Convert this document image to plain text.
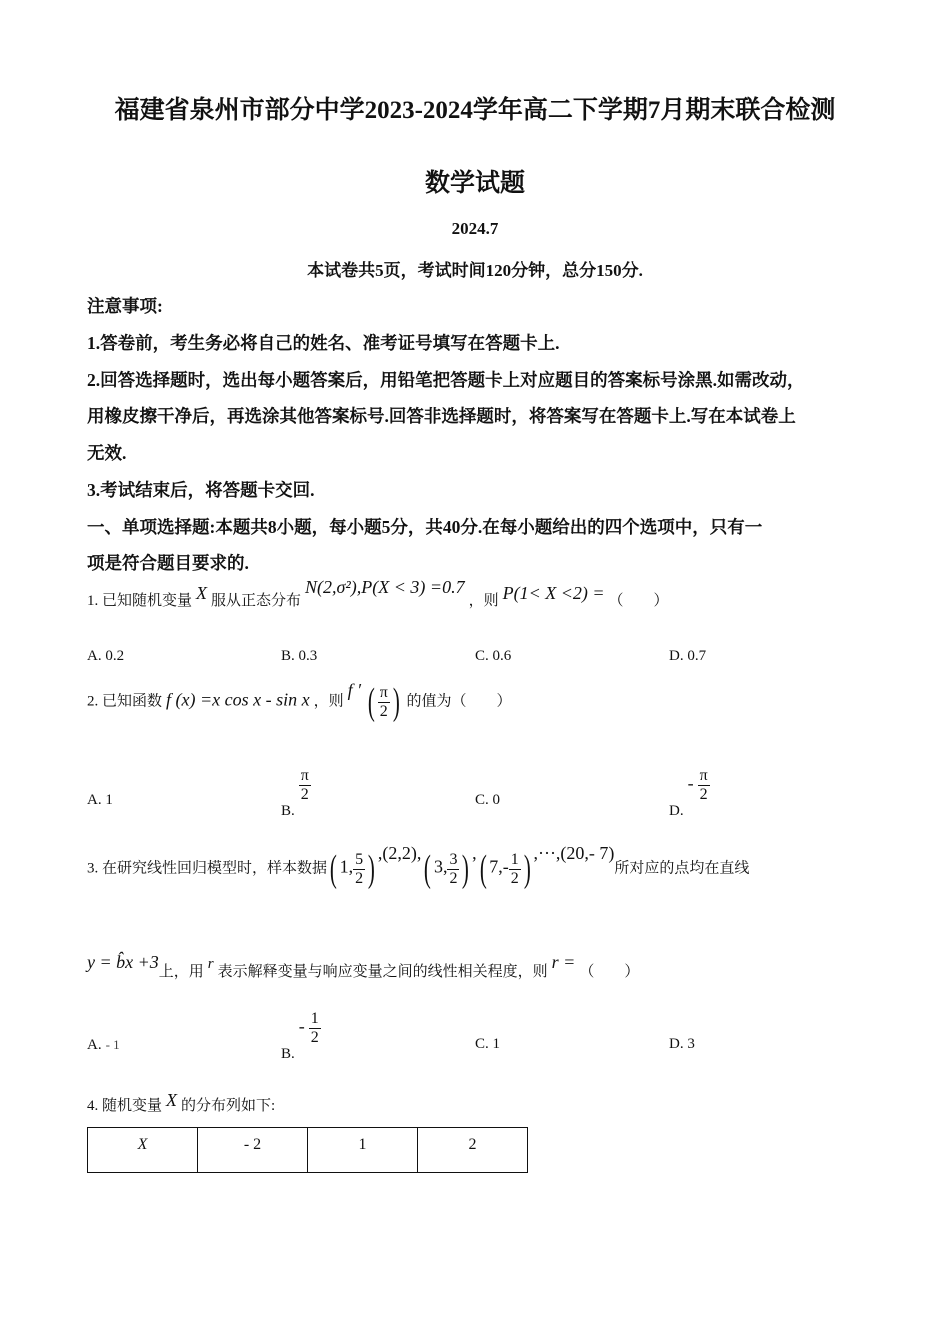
福建省泉州市部分中学2023-2024学年高二下学期7月期末联合检测
数学试题
2024.7
本试卷共5页，考试时间120分钟，总分150分.
注意事项:
1.答卷前，考生务必将自己的姓名、准考证号填写在答题卡上.
2.回答选择题时，选出每小题答案后，用铅笔把答题卡上对应题目的答案标号涂黑.如需改动，
用橡皮擦干净后，再选涂其他答案标号.回答非选择题时，将答案写在答题卡上.写在本试卷上
无效.
3.考试结束后，将答题卡交回.
一、单项选择题:本题共8小题，每小题5分，共40分.在每小题给出的四个选项中，只有一
项是符合题目要求的.
1. 已知随机变量 X 服从正态分布 N(2,σ²),P(X < 3) =0.7 ，则 P(1< X <2) = （　　）
A. 0.2	B. 0.3	C. 0.6	D. 0.7
2. 已知函数 f (x) =x cos x - sin x ，则 f ′ ( $\frac{\pi}{2}$ ) 的值为（　　）
A. 1
B.
$\frac{\pi}{2}$	C. 0
D. - $\frac{\pi}{2}$
3. 在研究线性回归模型时，样本数据( 1, $\frac{5}{2}$ ) ,(2,2),( 3, $\frac{3}{2}$ ) ,( $7,- \frac{1}{2}$ ) ,···,(20,- 7)所对应的点均在直线
y = b̂x +3上，用 r 表示解释变量与响应变量之间的线性相关程度，则 r = （　　）
A. - 1
B. - $\frac{1}{2}$	C. 1	D. 3
4. 随机变量 X 的分布列如下:
X	- 2	1	2
